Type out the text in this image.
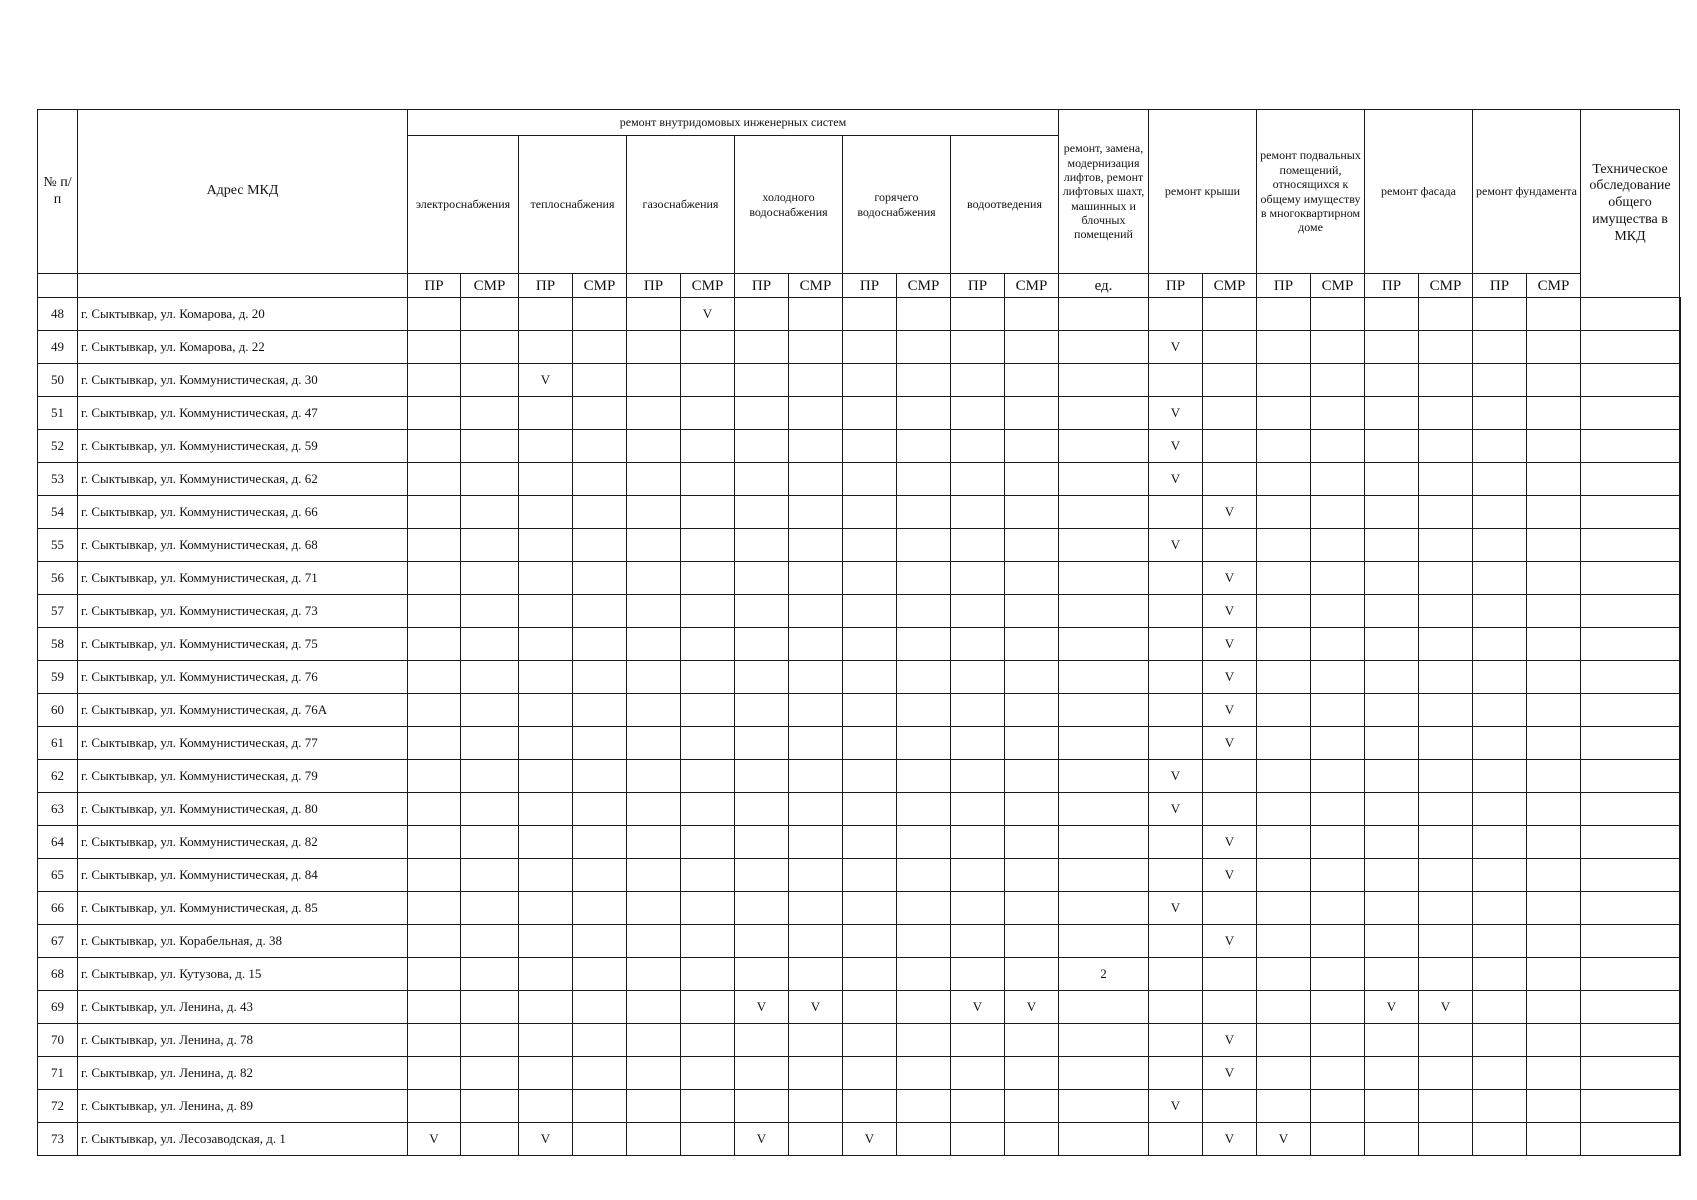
№ п/п	Адрес МКД	ремонт внутридомовых инженерных систем												ремонт, замена, модернизация лифтов, ремонт лифтовых шахт, машинных и блочных помещений	ремонт крыши		ремонт подвальных помещений, относящихся к общему имуществу в многоквартирном доме		ремонт фасада		ремонт фундамента		Техническое обследование общего имущества в МКД	
		электроснабжения		теплоснабжения		газоснабжения		холодного водоснабжения		горячего водоснабжения		водоотведения												
		ПР	СМР	ПР	СМР	ПР	СМР	ПР	СМР	ПР	СМР	ПР	СМР	ед.	ПР	СМР	ПР	СМР	ПР	СМР	ПР	СМР		
48	г. Сыктывкар, ул. Комарова, д. 20						V																	
49	г. Сыктывкар, ул. Комарова, д. 22														V									
50	г. Сыктывкар, ул. Коммунистическая, д. 30			V																				
51	г. Сыктывкар, ул. Коммунистическая, д. 47														V									
52	г. Сыктывкар, ул. Коммунистическая, д. 59														V									
53	г. Сыктывкар, ул. Коммунистическая, д. 62														V									
54	г. Сыктывкар, ул. Коммунистическая, д. 66															V								
55	г. Сыктывкар, ул. Коммунистическая, д. 68														V									
56	г. Сыктывкар, ул. Коммунистическая, д. 71															V								
57	г. Сыктывкар, ул. Коммунистическая, д. 73															V								
58	г. Сыктывкар, ул. Коммунистическая, д. 75															V								
59	г. Сыктывкар, ул. Коммунистическая, д. 76															V								
60	г. Сыктывкар, ул. Коммунистическая, д. 76А															V								
61	г. Сыктывкар, ул. Коммунистическая, д. 77															V								
62	г. Сыктывкар, ул. Коммунистическая, д. 79														V									
63	г. Сыктывкар, ул. Коммунистическая, д. 80														V									
64	г. Сыктывкар, ул. Коммунистическая, д. 82															V								
65	г. Сыктывкар, ул. Коммунистическая, д. 84															V								
66	г. Сыктывкар, ул. Коммунистическая, д. 85														V									
67	г. Сыктывкар, ул. Корабельная, д. 38															V								
68	г. Сыктывкар, ул. Кутузова, д. 15													2										
69	г. Сыктывкар, ул. Ленина, д. 43							V	V			V	V						V	V				
70	г. Сыктывкар, ул. Ленина, д. 78															V								
71	г. Сыктывкар, ул. Ленина, д. 82															V								
72	г. Сыктывкар, ул. Ленина, д. 89														V									
73	г. Сыктывкар, ул. Лесозаводская, д. 1	V		V				V		V						V	V							
